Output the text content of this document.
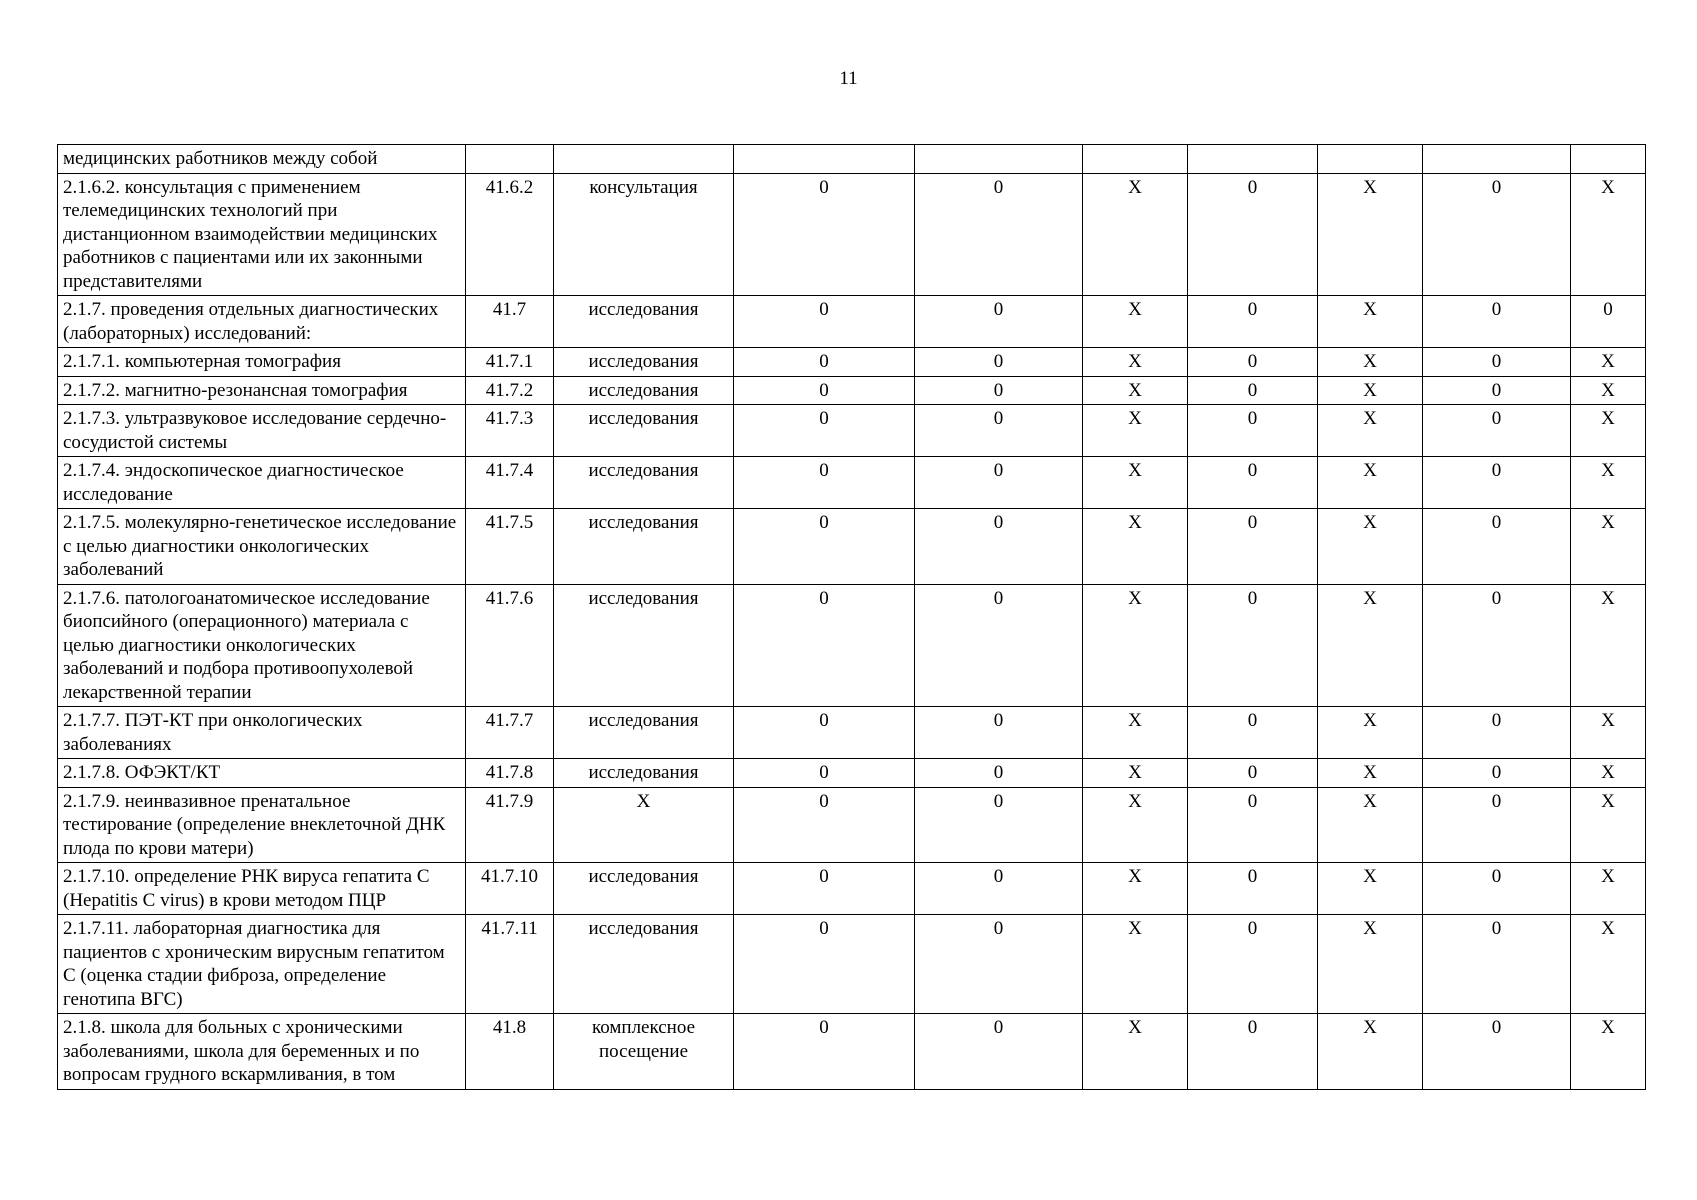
11
медицинских работников между собой									
2.1.6.2. консультация с применением телемедицинских технологий при дистанционном взаимодействии медицинских работников с пациентами или их законными представителями	41.6.2	консультация	0	0	X	0	X	0	X
2.1.7. проведения отдельных диагностических (лабораторных) исследований:	41.7	исследования	0	0	X	0	X	0	0
2.1.7.1. компьютерная томография	41.7.1	исследования	0	0	X	0	X	0	X
2.1.7.2. магнитно-резонансная томография	41.7.2	исследования	0	0	X	0	X	0	X
2.1.7.3. ультразвуковое исследование сердечно-сосудистой системы	41.7.3	исследования	0	0	X	0	X	0	X
2.1.7.4. эндоскопическое диагностическое исследование	41.7.4	исследования	0	0	X	0	X	0	X
2.1.7.5. молекулярно-генетическое исследование с целью диагностики онкологических заболеваний	41.7.5	исследования	0	0	X	0	X	0	X
2.1.7.6. патологоанатомическое исследование биопсийного (операционного) материала с целью диагностики онкологических заболеваний и подбора противоопухолевой лекарственной терапии	41.7.6	исследования	0	0	X	0	X	0	X
2.1.7.7. ПЭТ-КТ при онкологических заболеваниях	41.7.7	исследования	0	0	X	0	X	0	X
2.1.7.8. ОФЭКТ/КТ	41.7.8	исследования	0	0	X	0	X	0	X
2.1.7.9. неинвазивное пренатальное тестирование (определение внеклеточной ДНК плода по крови матери)	41.7.9	X	0	0	X	0	X	0	X
2.1.7.10. определение РНК вируса гепатита С (Hepatitis C virus) в крови методом ПЦР	41.7.10	исследования	0	0	X	0	X	0	X
2.1.7.11. лабораторная диагностика для пациентов с хроническим вирусным гепатитом С (оценка стадии фиброза, определение генотипа ВГС)	41.7.11	исследования	0	0	X	0	X	0	X
2.1.8. школа для больных с хроническими заболеваниями, школа для беременных и по вопросам грудного вскармливания, в том	41.8	комплексное посещение	0	0	X	0	X	0	X
